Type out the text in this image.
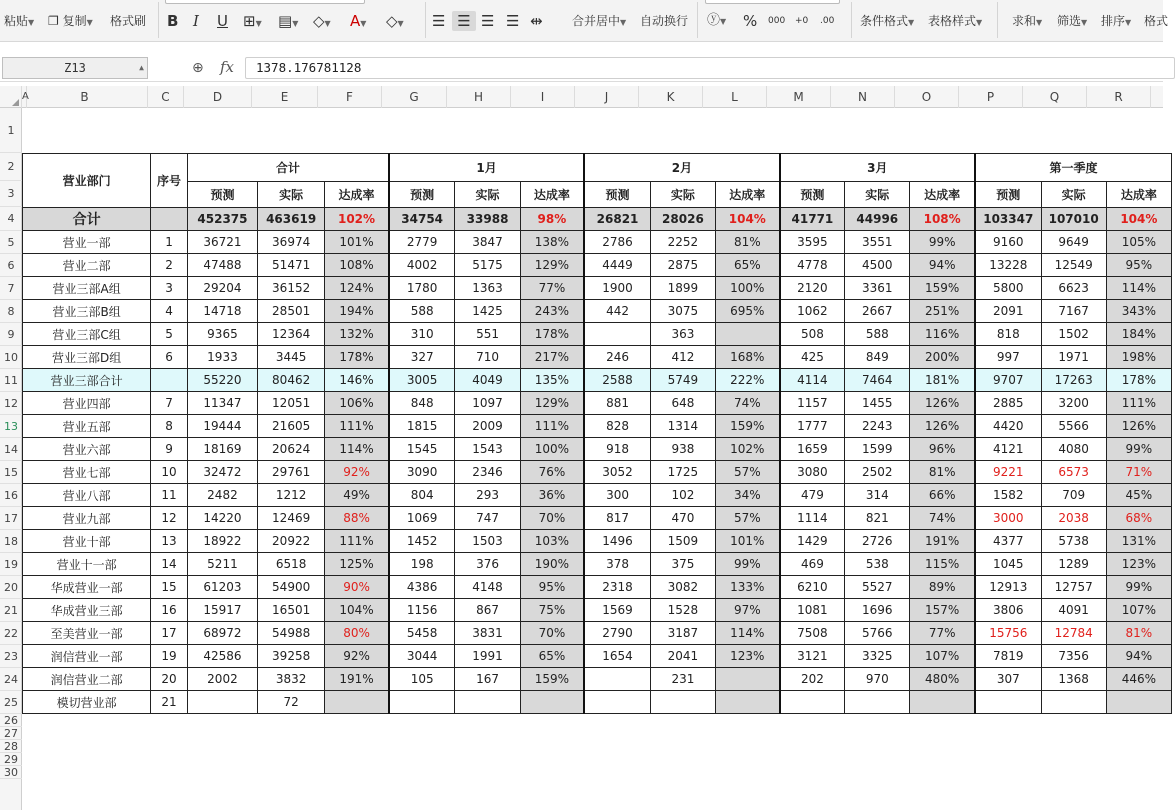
粘贴▼ ❐ 复制▼ 格式刷 B I U ⊞▼ ▤▼ ◇▼ A▼ ◇▼ ☰ ☰ ☰ ☰ ⇹ 合并居中▼ 自动换行 ⓨ▼ % 000 +0 .00 条件格式▼ 表格样式▼ 求和▼ 筛选▼ 排序▼ 格式
Z13	▲	⊕	fx	1378.176781128
A	B	C	D	E	F	G	H	I	J	K	L	M	N	O	P	Q	R
1
2
3
4
5
6
7
8
9
10
11
12
13
14
15
16
17
18
19
20
21
22
23
24
25
26
27
28
29
30
营业部门	序号	合计			1月			2月			3月			第一季度		
		预测	实际	达成率	预测	实际	达成率	预测	实际	达成率	预测	实际	达成率	预测	实际	达成率
合计		452375	463619	102%	34754	33988	98%	26821	28026	104%	41771	44996	108%	103347	107010	104%
营业一部	1	36721	36974	101%	2779	3847	138%	2786	2252	81%	3595	3551	99%	9160	9649	105%
营业二部	2	47488	51471	108%	4002	5175	129%	4449	2875	65%	4778	4500	94%	13228	12549	95%
营业三部A组	3	29204	36152	124%	1780	1363	77%	1900	1899	100%	2120	3361	159%	5800	6623	114%
营业三部B组	4	14718	28501	194%	588	1425	243%	442	3075	695%	1062	2667	251%	2091	7167	343%
营业三部C组	5	9365	12364	132%	310	551	178%		363		508	588	116%	818	1502	184%
营业三部D组	6	1933	3445	178%	327	710	217%	246	412	168%	425	849	200%	997	1971	198%
营业三部合计		55220	80462	146%	3005	4049	135%	2588	5749	222%	4114	7464	181%	9707	17263	178%
营业四部	7	11347	12051	106%	848	1097	129%	881	648	74%	1157	1455	126%	2885	3200	111%
营业五部	8	19444	21605	111%	1815	2009	111%	828	1314	159%	1777	2243	126%	4420	5566	126%
营业六部	9	18169	20624	114%	1545	1543	100%	918	938	102%	1659	1599	96%	4121	4080	99%
营业七部	10	32472	29761	92%	3090	2346	76%	3052	1725	57%	3080	2502	81%	9221	6573	71%
营业八部	11	2482	1212	49%	804	293	36%	300	102	34%	479	314	66%	1582	709	45%
营业九部	12	14220	12469	88%	1069	747	70%	817	470	57%	1114	821	74%	3000	2038	68%
营业十部	13	18922	20922	111%	1452	1503	103%	1496	1509	101%	1429	2726	191%	4377	5738	131%
营业十一部	14	5211	6518	125%	198	376	190%	378	375	99%	469	538	115%	1045	1289	123%
华成营业一部	15	61203	54900	90%	4386	4148	95%	2318	3082	133%	6210	5527	89%	12913	12757	99%
华成营业三部	16	15917	16501	104%	1156	867	75%	1569	1528	97%	1081	1696	157%	3806	4091	107%
至美营业一部	17	68972	54988	80%	5458	3831	70%	2790	3187	114%	7508	5766	77%	15756	12784	81%
润信营业一部	19	42586	39258	92%	3044	1991	65%	1654	2041	123%	3121	3325	107%	7819	7356	94%
润信营业二部	20	2002	3832	191%	105	167	159%		231		202	970	480%	307	1368	446%
模切营业部	21		72													
